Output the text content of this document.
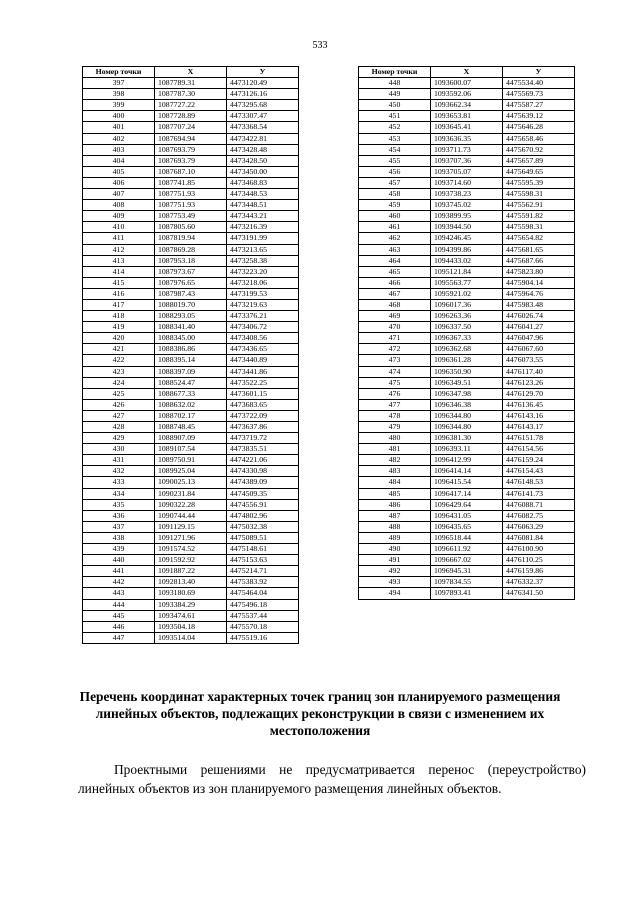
533
Номер точки	X	У
397	1087789.31	4473120.49
398	1087787.30	4473126.16
399	1087727.22	4473295.68
400	1087728.89	4473307.47
401	1087707.24	4473368.54
402	1087694.94	4473422.81
403	1087693.79	4473428.48
404	1087693.79	4473428.50
405	1087687.10	4473450.00
406	1087741.85	4473468.83
407	1087751.93	4473448.53
408	1087751.93	4473448.51
409	1087753.49	4473443.21
410	1087805.60	4473216.39
411	1087819.94	4473191.99
412	1087869.28	4473213.65
413	1087953.18	4473258.38
414	1087973.67	4473223.20
415	1087976.65	4473218.06
416	1087987.43	4473199.53
417	1088019.70	4473219.63
418	1088293.05	4473376.21
419	1088341.40	4473406.72
420	1088345.00	4473408.56
421	1088386.86	4473436.65
422	1088395.14	4473440.89
423	1088397.09	4473441.86
424	1088524.47	4473522.25
425	1088677.33	4473601.15
426	1088632.02	4473683.65
427	1088702.17	4473722.09
428	1088748.45	4473637.86
429	1088907.09	4473719.72
430	1089107.54	4473835.51
431	1089750.91	4474221.06
432	1089925.04	4474330.98
433	1090025.13	4474389.09
434	1090231.84	4474509.35
435	1090322.28	4474556.91
436	1090744.44	4474802.96
437	1091129.15	4475032.38
438	1091271.96	4475089.51
439	1091574.52	4475148.61
440	1091592.92	4475153.63
441	1091887.22	4475214.71
442	1092813.40	4475383.92
443	1093180.69	4475464.04
444	1093384.29	4475496.18
445	1093474.61	4475537.44
446	1093504.18	4475570.18
447	1093514.04	4475519.16
Номер точки	X	У
448	1093600.07	4475534.40
449	1093592.06	4475569.73
450	1093662.34	4475587.27
451	1093653.81	4475639.12
452	1093645.41	4475646.28
453	1093636.35	4475658.46
454	1093711.73	4475670.92
455	1093707.36	4475657.89
456	1093705.07	4475649.65
457	1093714.60	4475595.39
458	1093738.23	4475598.31
459	1093745.02	4475562.91
460	1093899.95	4475591.82
461	1093944.50	4475598.31
462	1094246.45	4475654.82
463	1094399.86	4475681.65
464	1094433.02	4475687.66
465	1095121.84	4475823.80
466	1095563.77	4475904.14
467	1095921.02	4475964.76
468	1096017.36	4475983.48
469	1096263.36	4476026.74
470	1096337.50	4476041.27
471	1096367.33	4476047.96
472	1096362.68	4476067.60
473	1096361.28	4476073.55
474	1096350.90	4476117.40
475	1096349.51	4476123.26
476	1096347.98	4476129.70
477	1096346.38	4476136.45
478	1096344.80	4476143.16
479	1096344.80	4476143.17
480	1096381.30	4476151.78
481	1096393.11	4476154.56
482	1096412.99	4476159.24
483	1096414.14	4476154.43
484	1096415.54	4476148.53
485	1096417.14	4476141.73
486	1096429.64	4476088.71
487	1096431.05	4476082.75
488	1096435.65	4476063.29
489	1096518.44	4476081.84
490	1096611.92	4476100.90
491	1096667.02	4476110.25
492	1096945.31	4476159.86
493	1097834.55	4476332.37
494	1097893.41	4476341.50
Перечень координат характерных точек границ зон планируемого размещения линейных объектов, подлежащих реконструкции в связи с изменением их местоположения
Проектными решениями не предусматривается перенос (переустройство) линейных объектов из зон планируемого размещения линейных объектов.
